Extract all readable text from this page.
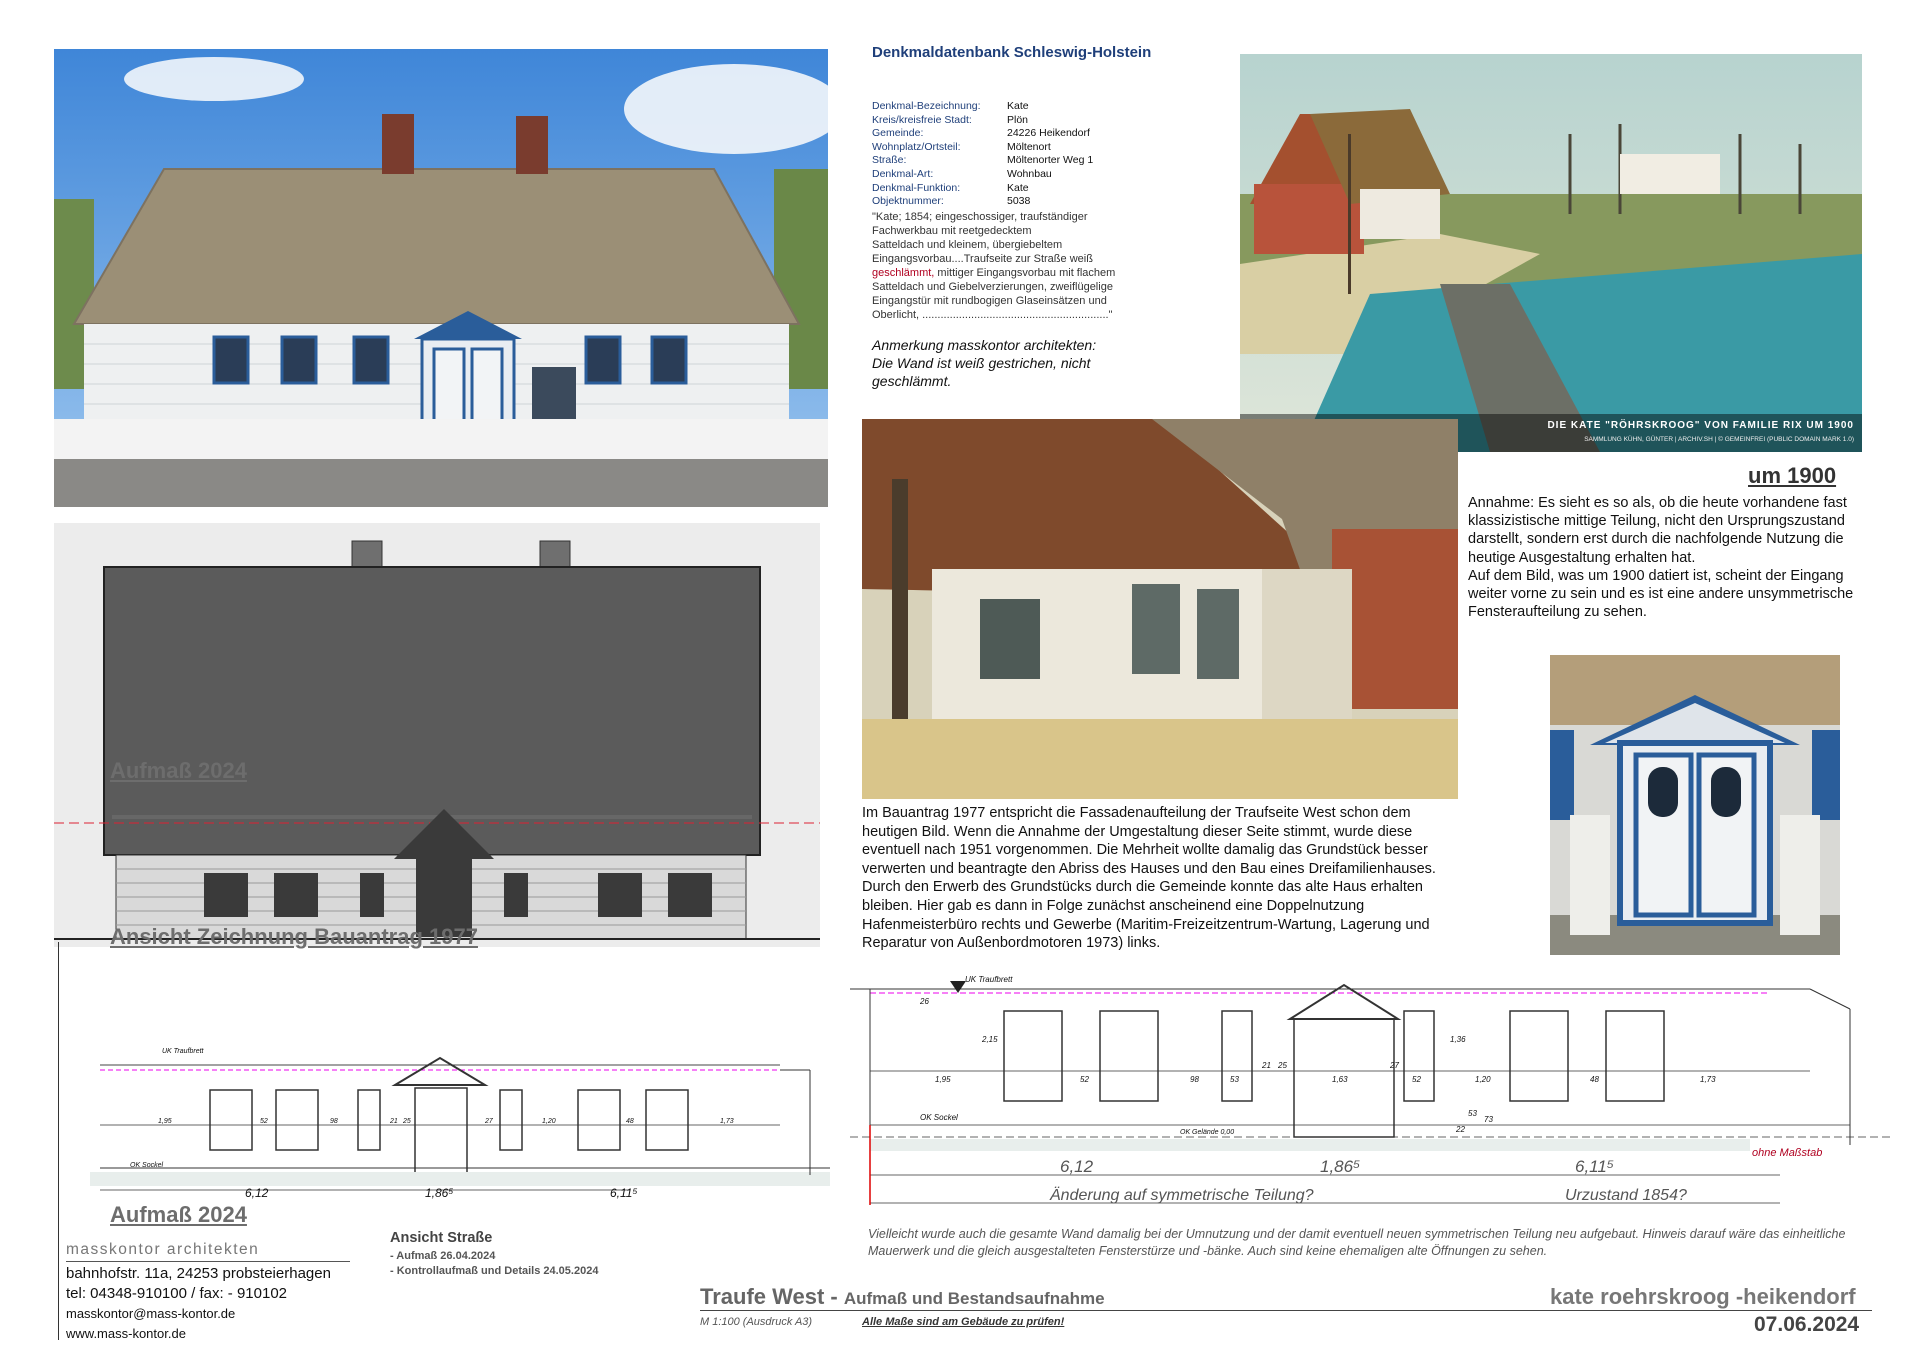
Aufmaß 2024
Ansicht Zeichnung Bauantrag 1977
UK Traufbrett
OK Sockel
1,95	52	98	21 25	27	1,20	48	1,73
6,12	1,86⁵	6,11⁵
Aufmaß 2024
Denkmaldatenbank Schleswig-Holstein
Denkmal-Bezeichnung:	Kate
Kreis/kreisfreie Stadt:	Plön
Gemeinde:	24226 Heikendorf
Wohnplatz/Ortsteil:	Möltenort
Straße:	Möltenorter Weg 1
Denkmal-Art:	Wohnbau
Denkmal-Funktion:	Kate
Objektnummer:	5038
"Kate; 1854; eingeschossiger, traufständiger
Fachwerkbau mit reetgedecktem
Satteldach und kleinem, übergiebeltem
Eingangsvorbau....Traufseite zur Straße weiß
geschlämmt, mittiger Eingangsvorbau mit flachem
Satteldach und Giebelverzierungen, zweiflügelige
Eingangstür mit rundbogigen Glaseinsätzen und
Oberlicht, ............................................................."
Anmerkung masskontor architekten:
Die Wand ist weiß gestrichen, nicht
geschlämmt.
DIE KATE "RÖHRSKROOG" VON FAMILIE RIX UM 1900
SAMMLUNG KÜHN, GÜNTER | ARCHIV.SH | © GEMEINFREI (PUBLIC DOMAIN MARK 1.0)
um 1900
Annahme: Es sieht es so als, ob die heute vorhandene fast klassizistische mittige Teilung, nicht den Ursprungszustand darstellt, sondern erst durch die nachfolgende Nutzung die heutige Ausgestaltung erhalten hat.
Auf dem Bild, was um 1900 datiert ist, scheint der Eingang weiter vorne zu sein und es ist eine andere unsymmetrische Fensteraufteilung zu sehen.
Im Bauantrag 1977 entspricht die Fassadenaufteilung der Traufseite West schon dem heutigen Bild. Wenn die Annahme der Umgestaltung dieser Seite stimmt, wurde diese eventuell nach 1951 vorgenommen. Die Mehrheit wollte damalig das Grundstück besser verwerten und beantragte den Abriss des Hauses und den Bau eines Dreifamilienhauses. Durch den Erwerb des Grundstücks durch die Gemeinde konnte das alte Haus erhalten bleiben. Hier gab es dann in Folge zunächst anscheinend eine Doppelnutzung Hafenmeisterbüro rechts und Gewerbe (Maritim-Freizeitzentrum-Wartung, Lagerung und Reparatur von Außenbordmotoren 1973) links.
UK Traufbrett
OK Sockel
OK Gelände 0,00
1,95	52	98	53
21 25
1,63
27
52	1,20	48	1,73
26
2,15	1,36
53
73
22
ohne Maßstab
6,12	1,86⁵	6,11⁵
Änderung auf symmetrische Teilung?	Urzustand 1854?
Vielleicht wurde auch die gesamte Wand damalig bei der Umnutzung und der damit eventuell neuen symmetrischen Teilung neu aufgebaut. Hinweis darauf wäre das einheitliche Mauerwerk und die gleich ausgestalteten Fensterstürze und -bänke. Auch sind keine ehemaligen alte Öffnungen zu sehen.
masskontor architekten
bahnhofstr. 11a, 24253 probsteierhagen
tel: 04348-910100 / fax: - 910102
masskontor@mass-kontor.de
www.mass-kontor.de
Ansicht Straße
- Aufmaß 26.04.2024
- Kontrollaufmaß und Details 24.05.2024
Traufe West - Aufmaß und Bestandsaufnahme	kate roehrskroog -heikendorf
M 1:100 (Ausdruck A3)	Alle Maße sind am Gebäude zu prüfen!	07.06.2024
